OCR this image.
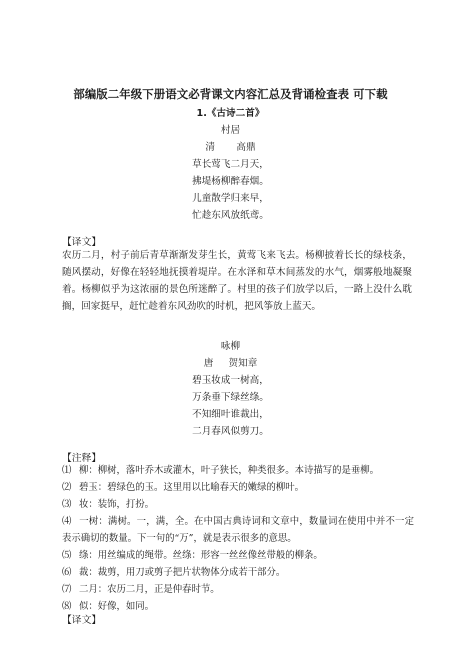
部编版二年级下册语文必背课文内容汇总及背诵检查表 可下载
1.《古诗二首》
村居
清       高鼎
草长莺飞二月天，
拂堤杨柳醉春烟。
儿童散学归来早，
忙趁东风放纸鸢。
【译文】
农历二月，村子前后青草渐渐发芽生长，黄莺飞来飞去。杨柳披着长长的绿枝条，随风摆动，好像在轻轻地抚摸着堤岸。在水泽和草木间蒸发的水气，烟雾般地凝聚着。杨柳似乎为这浓丽的景色所迷醉了。村里的孩子们放学以后，一路上没什么耽搁，回家挺早，赶忙趁着东风劲吹的时机，把风筝放上蓝天。
咏柳
唐     贺知章
碧玉妆成一树高，
万条垂下绿丝绦。
不知细叶谁裁出，
二月春风似剪刀。
【注释】
⑴ 柳：柳树，落叶乔木或灌木，叶子狭长，种类很多。本诗描写的是垂柳。
⑵ 碧玉：碧绿色的玉。这里用以比喻春天的嫩绿的柳叶。
⑶ 妆：装饰，打扮。
⑷ 一树：满树。一，满，全。在中国古典诗词和文章中，数量词在使用中并不一定表示确切的数量。下一句的“万”，就是表示很多的意思。
⑸ 绦：用丝编成的绳带。丝绦：形容一丝丝像丝带般的柳条。
⑹ 裁：裁剪，用刀或剪子把片状物体分成若干部分。
⑺ 二月：农历二月，正是仲春时节。
⑻ 似：好像，如同。
【译文】
